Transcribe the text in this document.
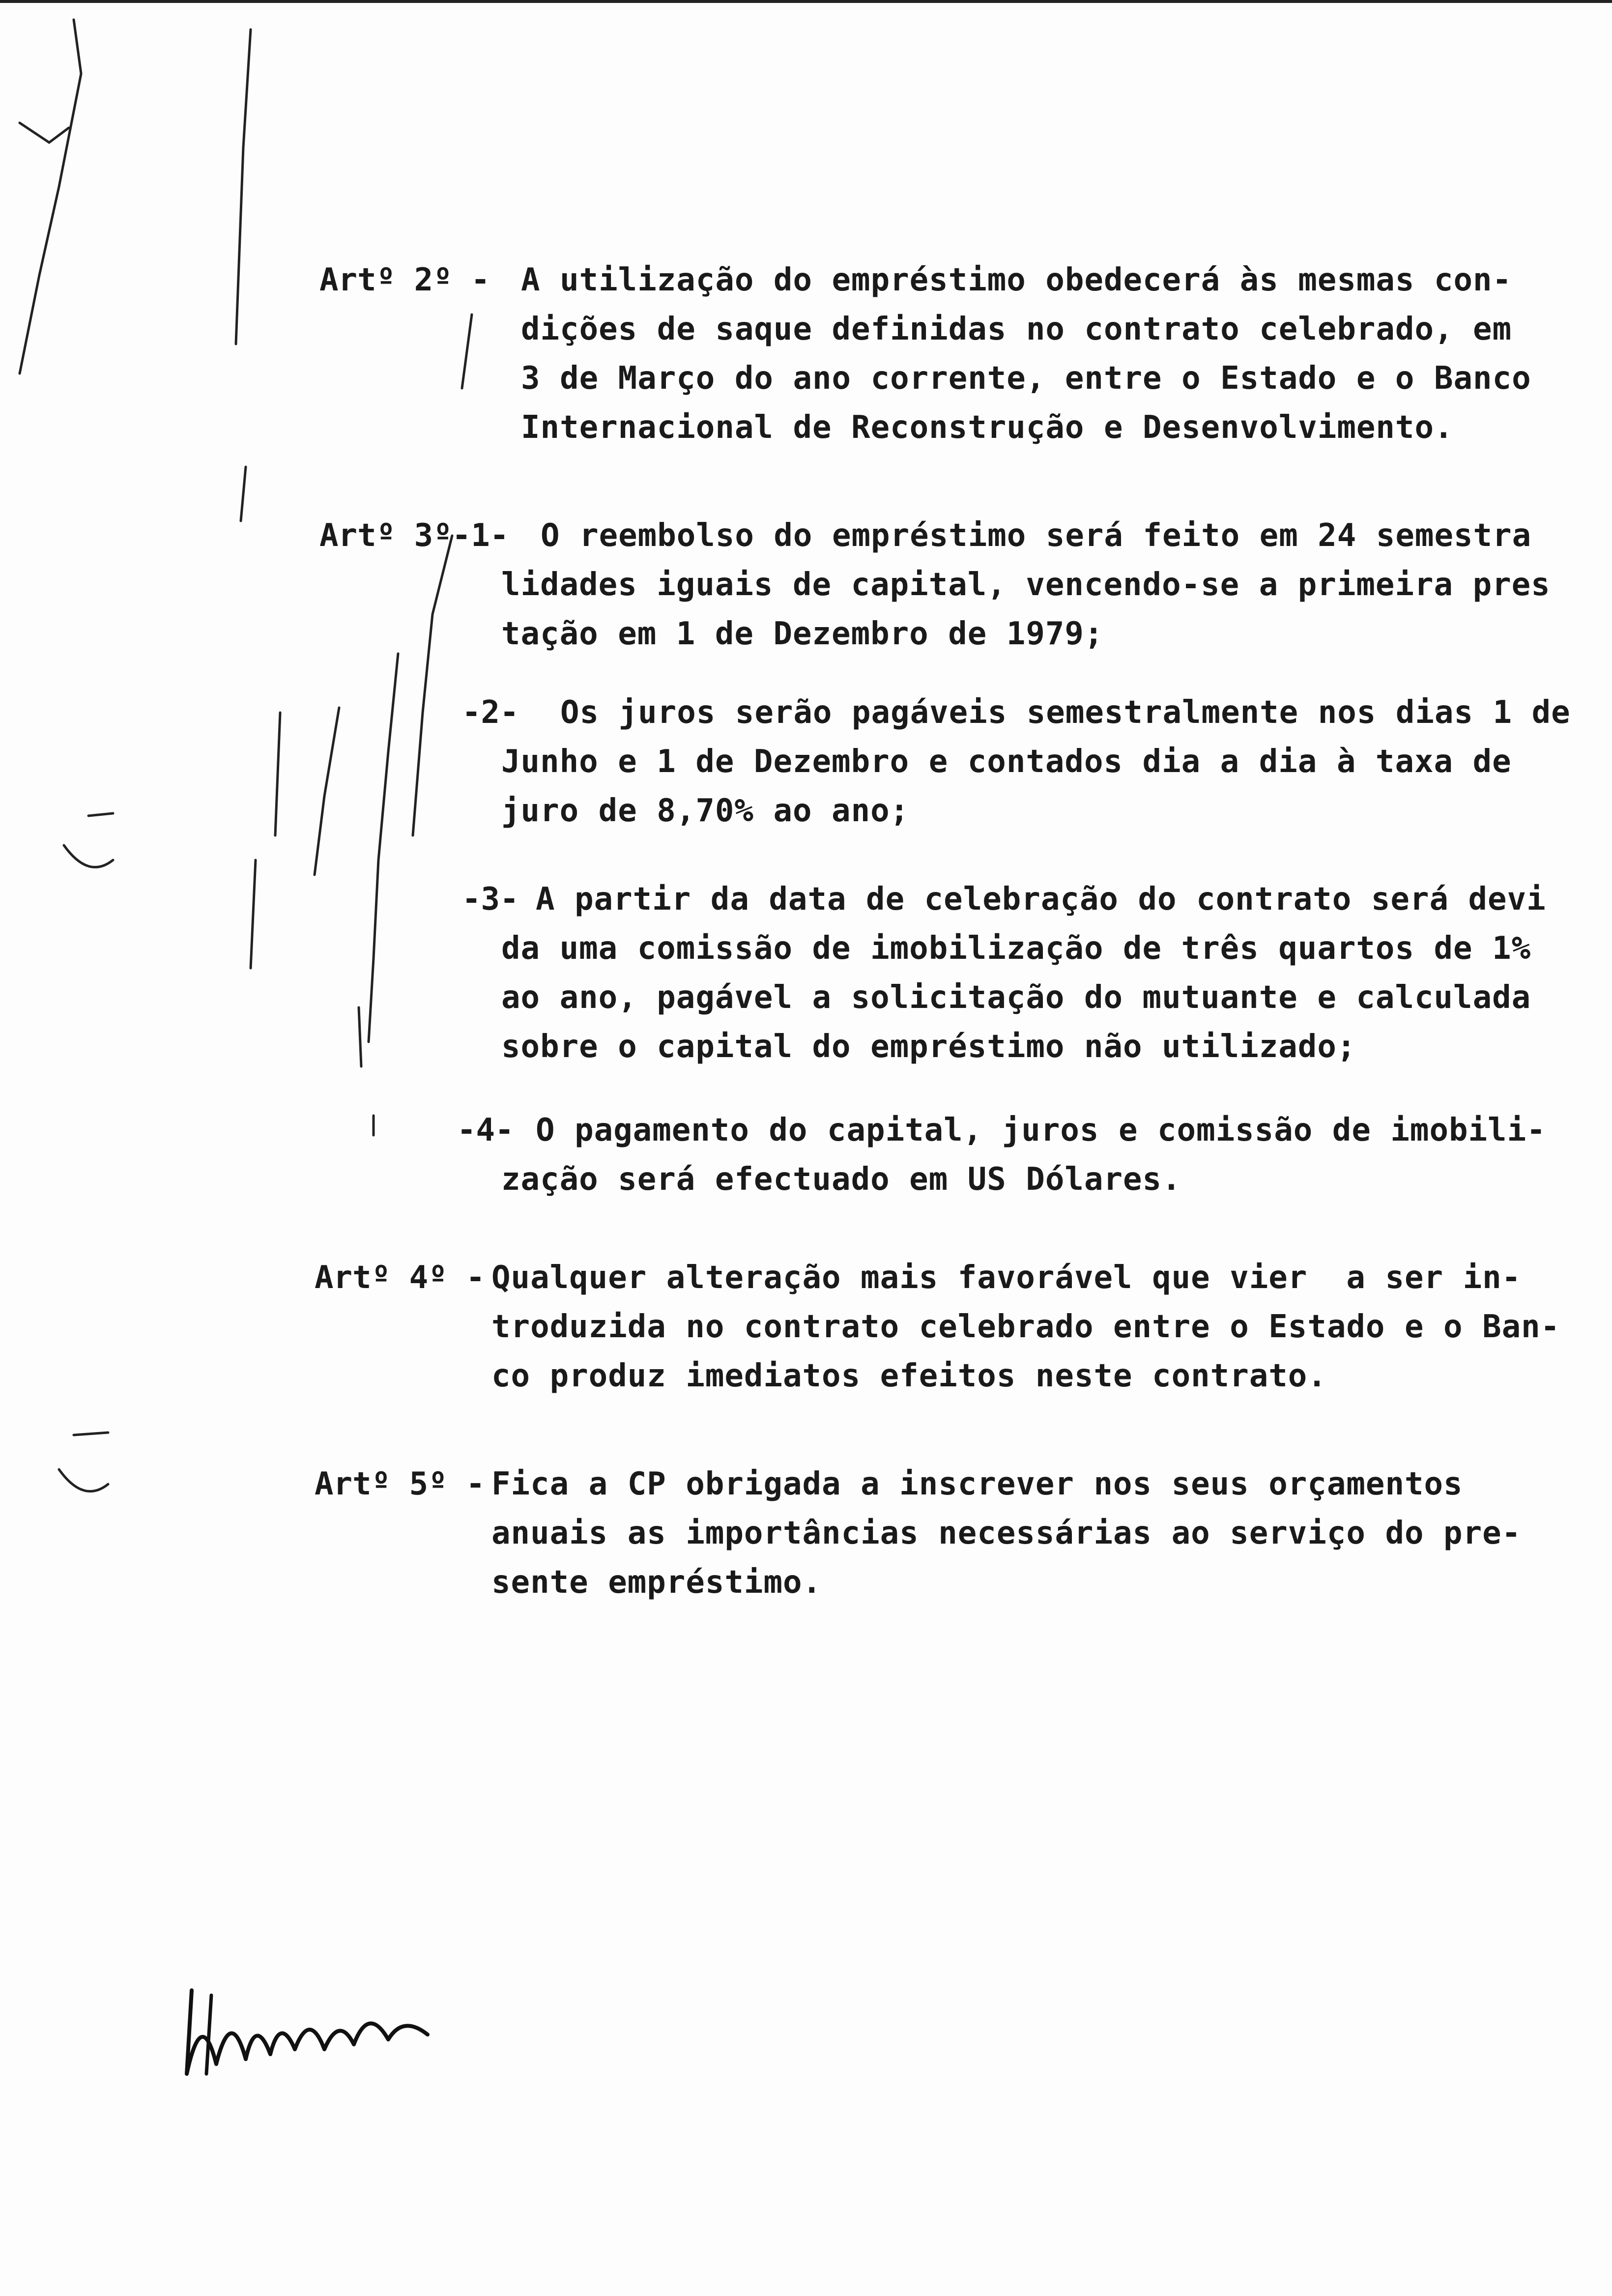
Artº 2º - A utilização do empréstimo obedecerá às mesmas con-
dições de saque definidas no contrato celebrado, em
3 de Março do ano corrente, entre o Estado e o Banco
Internacional de Reconstrução e Desenvolvimento.
Artº 3º-1- O reembolso do empréstimo será feito em 24 semestra
lidades iguais de capital, vencendo-se a primeira pres
tação em 1 de Dezembro de 1979;
-2- Os juros serão pagáveis semestralmente nos dias 1 de
Junho e 1 de Dezembro e contados dia a dia à taxa de
juro de 8,70% ao ano;
-3- A partir da data de celebração do contrato será devi
da uma comissão de imobilização de três quartos de 1%
ao ano, pagável a solicitação do mutuante e calculada
sobre o capital do empréstimo não utilizado;
-4- O pagamento do capital, juros e comissão de imobili-
zação será efectuado em US Dólares.
Artº 4º - Qualquer alteração mais favorável que vier  a ser in-
troduzida no contrato celebrado entre o Estado e o Ban-
co produz imediatos efeitos neste contrato.
Artº 5º - Fica a CP obrigada a inscrever nos seus orçamentos
anuais as importâncias necessárias ao serviço do pre-
sente empréstimo.
